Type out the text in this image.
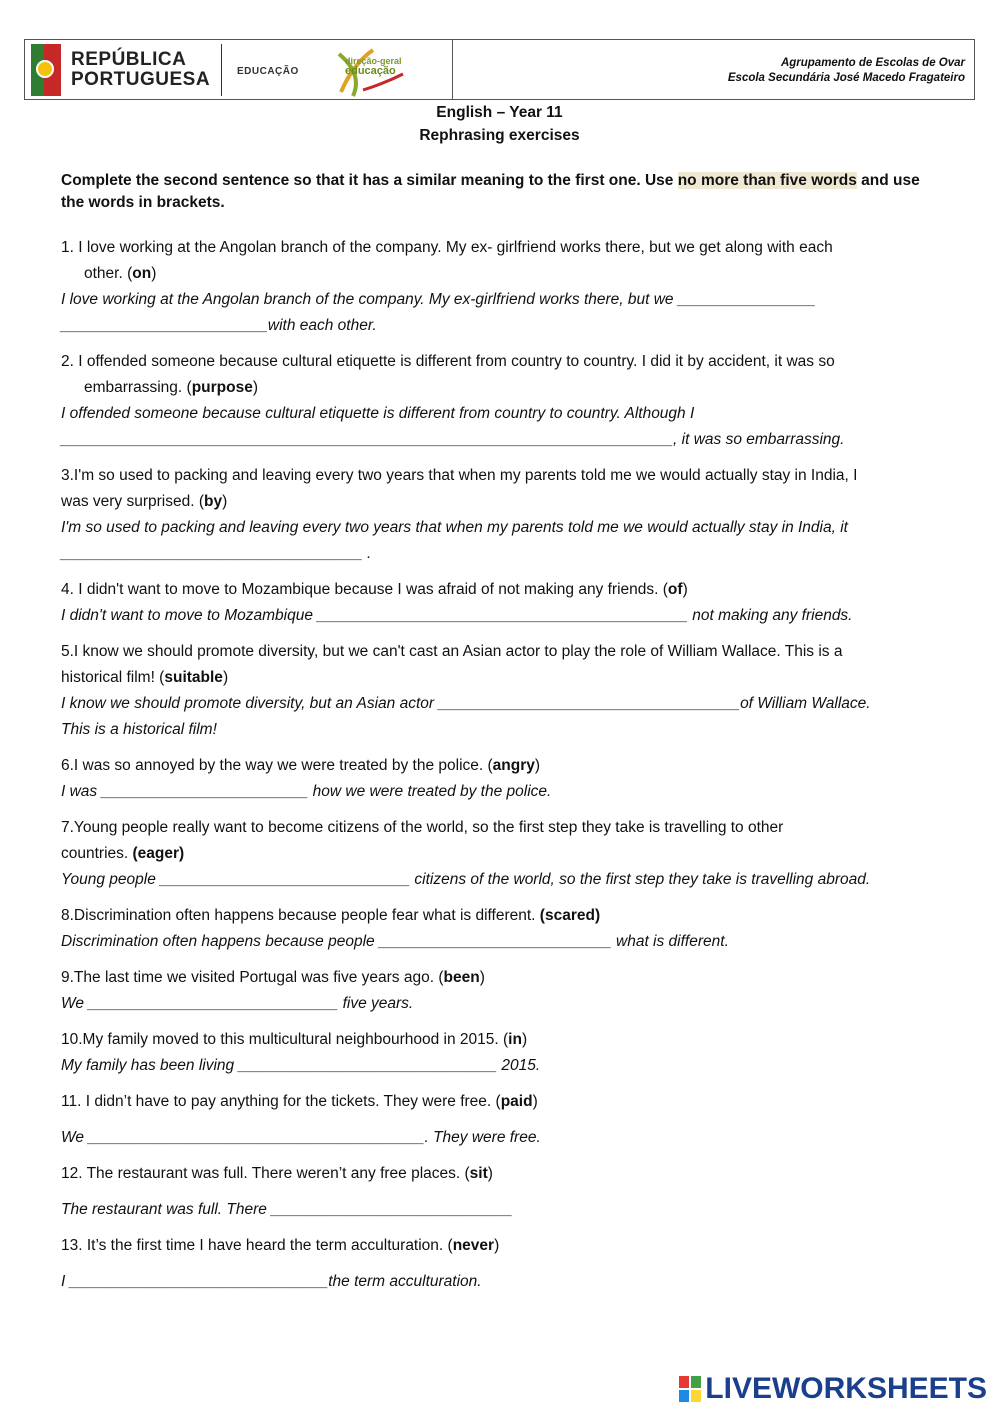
REPÚBLICA
PORTUGUESA	EDUCAÇÃO
direção-geral
educação
Agrupamento de Escolas de Ovar
Escola Secundária José Macedo Fragateiro
English – Year 11
Rephrasing exercises
Complete the second sentence so that it has a similar meaning to the first one. Use no more than five words and use the words in brackets.
1. I love working at the Angolan branch of the company. My ex- girlfriend works there, but we get along with each
other. (on)
I love working at the Angolan branch of the company. My ex-girlfriend works there, but we ________________
________________________with each other.
2. I offended someone because cultural etiquette is different from country to country. I did it by accident, it was so
embarrassing. (purpose)
I offended someone because cultural etiquette is different from country to country. Although I
_______________________________________________________________________, it was so embarrassing.
3.I'm so used to packing and leaving every two years that when my parents told me we would actually stay in India, I
was very surprised. (by)
I'm so used to packing and leaving every two years that when my parents told me we would actually stay in India, it
___________________________________ .
4. I didn't want to move to Mozambique because I was afraid of not making any friends. (of)
I didn't want to move to Mozambique ___________________________________________ not making any friends.
5.I know we should promote diversity, but we can't cast an Asian actor to play the role of William Wallace. This is a
historical film! (suitable)
I know we should promote diversity, but an Asian actor ___________________________________of William Wallace.
This is a historical film!
6.I was so annoyed by the way we were treated by the police. (angry)
I was ________________________ how we were treated by the police.
7.Young people really want to become citizens of the world, so the first step they take is travelling to other
countries. (eager)
Young people _____________________________ citizens of the world, so the first step they take is travelling abroad.
8.Discrimination often happens because people fear what is different. (scared)
Discrimination often happens because people ___________________________ what is different.
9.The last time we visited Portugal was five years ago. (been)
We _____________________________ five years.
10.My family moved to this multicultural neighbourhood in 2015. (in)
My family has been living ______________________________ 2015.
11. I didn’t have to pay anything for the tickets. They were free. (paid)
We _______________________________________. They were free.
12. The restaurant was full. There weren’t any free places. (sit)
The restaurant was full. There ____________________________
13. It’s the first time I have heard the term acculturation. (never)
I ______________________________the term acculturation.
LIVEWORKSHEETS
